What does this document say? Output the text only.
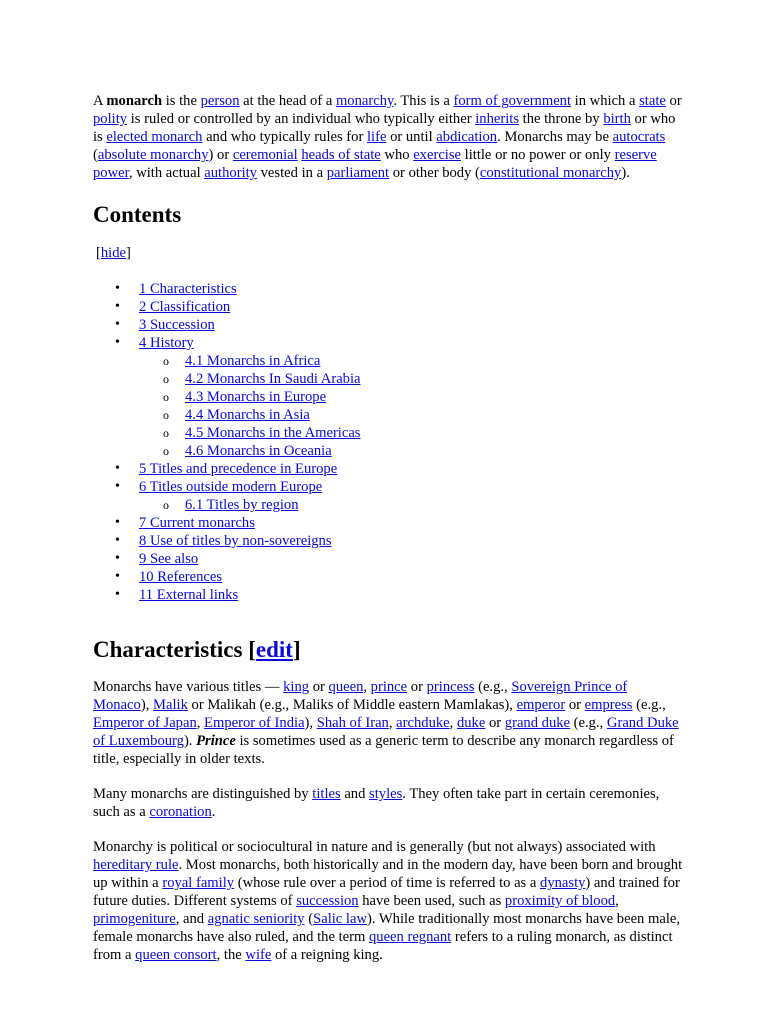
A monarch is the person at the head of a monarchy. This is a form of government in which a state or polity is ruled or controlled by an individual who typically either inherits the throne by birth or who is elected monarch and who typically rules for life or until abdication. Monarchs may be autocrats (absolute monarchy) or ceremonial heads of state who exercise little or no power or only reserve power, with actual authority vested in a parliament or other body (constitutional monarchy).

Contents
[hide]
• 1 Characteristics
• 2 Classification
• 3 Succession
• 4 History
o 4.1 Monarchs in Africa
o 4.2 Monarchs In Saudi Arabia
o 4.3 Monarchs in Europe
o 4.4 Monarchs in Asia
o 4.5 Monarchs in the Americas
o 4.6 Monarchs in Oceania
• 5 Titles and precedence in Europe
• 6 Titles outside modern Europe
o 6.1 Titles by region
• 7 Current monarchs
• 8 Use of titles by non-sovereigns
• 9 See also
• 10 References
• 11 External links
Characteristics [edit]

Monarchs have various titles — king or queen, prince or princess (e.g., Sovereign Prince of Monaco), Malik or Malikah (e.g., Maliks of Middle eastern Mamlakas), emperor or empress (e.g., Emperor of Japan, Emperor of India), Shah of Iran, archduke, duke or grand duke (e.g., Grand Duke of Luxembourg). Prince is sometimes used as a generic term to describe any monarch regardless of title, especially in older texts.

Many monarchs are distinguished by titles and styles. They often take part in certain ceremonies, such as a coronation.

Monarchy is political or sociocultural in nature and is generally (but not always) associated with hereditary rule. Most monarchs, both historically and in the modern day, have been born and brought up within a royal family (whose rule over a period of time is referred to as a dynasty) and trained for future duties. Different systems of succession have been used, such as proximity of blood, primogeniture, and agnatic seniority (Salic law). While traditionally most monarchs have been male, female monarchs have also ruled, and the term queen regnant refers to a ruling monarch, as distinct from a queen consort, the wife of a reigning king.
